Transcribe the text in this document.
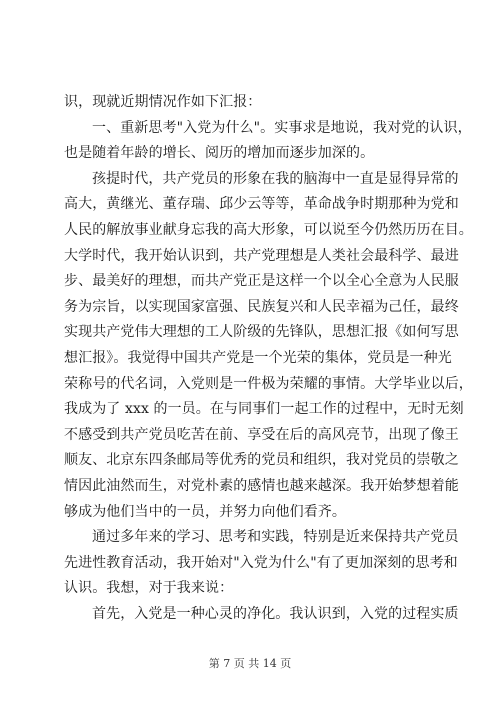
识，现就近期情况作如下汇报：
一、重新思考"入党为什么"。实事求是地说，我对党的认识，
也是随着年龄的增长、阅历的增加而逐步加深的。
孩提时代，共产党员的形象在我的脑海中一直是显得异常的
高大，黄继光、董存瑞、邱少云等等，革命战争时期那种为党和
人民的解放事业献身忘我的高大形象，可以说至今仍然历历在目。
大学时代，我开始认识到，共产党理想是人类社会最科学、最进
步、最美好的理想，而共产党正是这样一个以全心全意为人民服
务为宗旨，以实现国家富强、民族复兴和人民幸福为己任，最终
实现共产党伟大理想的工人阶级的先锋队，思想汇报《如何写思
想汇报》。我觉得中国共产党是一个光荣的集体，党员是一种光
荣称号的代名词，入党则是一件极为荣耀的事情。大学毕业以后，
我成为了 xxx 的一员。在与同事们一起工作的过程中，无时无刻
不感受到共产党员吃苦在前、享受在后的高风亮节，出现了像王
顺友、北京东四条邮局等优秀的党员和组织，我对党员的崇敬之
情因此油然而生，对党朴素的感情也越来越深。我开始梦想着能
够成为他们当中的一员，并努力向他们看齐。
通过多年来的学习、思考和实践，特别是近来保持共产党员
先进性教育活动，我开始对"入党为什么"有了更加深刻的思考和
认识。我想，对于我来说：
首先，入党是一种心灵的净化。我认识到，入党的过程实质
第 7 页 共 14 页
